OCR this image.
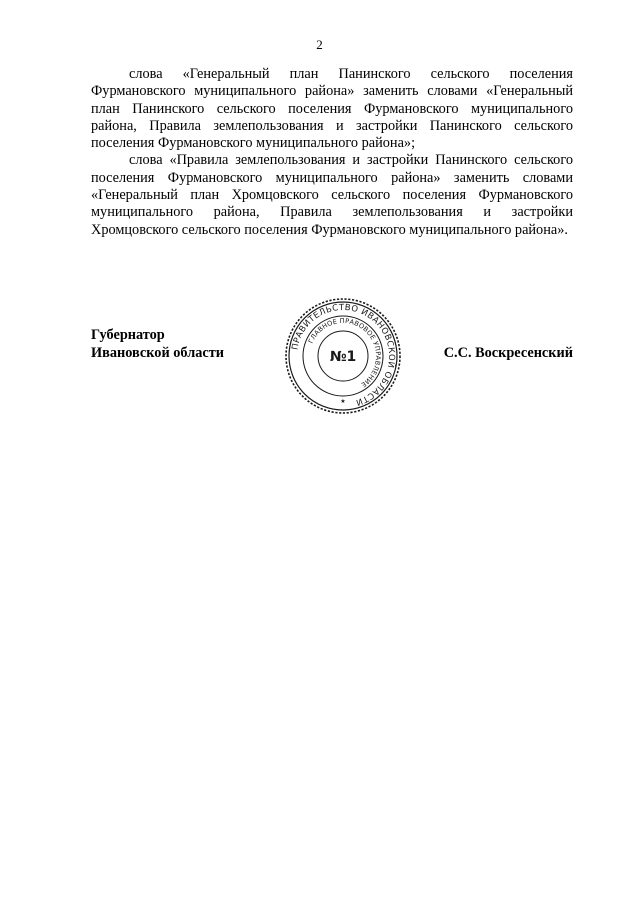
2

слова «Генеральный план Панинского сельского поселения Фурмановского муниципального района» заменить словами «Генеральный план Панинского сельского поселения Фурмановского муниципального района, Правила землепользования и застройки Панинского сельского поселения Фурмановского муниципального района»;

слова «Правила землепользования и застройки Панинского сельского поселения Фурмановского муниципального района» заменить словами «Генеральный план Хромцовского сельского поселения Фурмановского муниципального района, Правила землепользования и застройки Хромцовского сельского поселения Фурмановского муниципального района».

Губернатор
Ивановской области	ПРАВИТЕЛЬСТВО ИВАНОВСКОЙ ОБЛАСТИ
ГЛАВНОЕ ПРАВОВОЕ УПРАВЛЕНИЕ
№1
★
С.С. Воскресенский
